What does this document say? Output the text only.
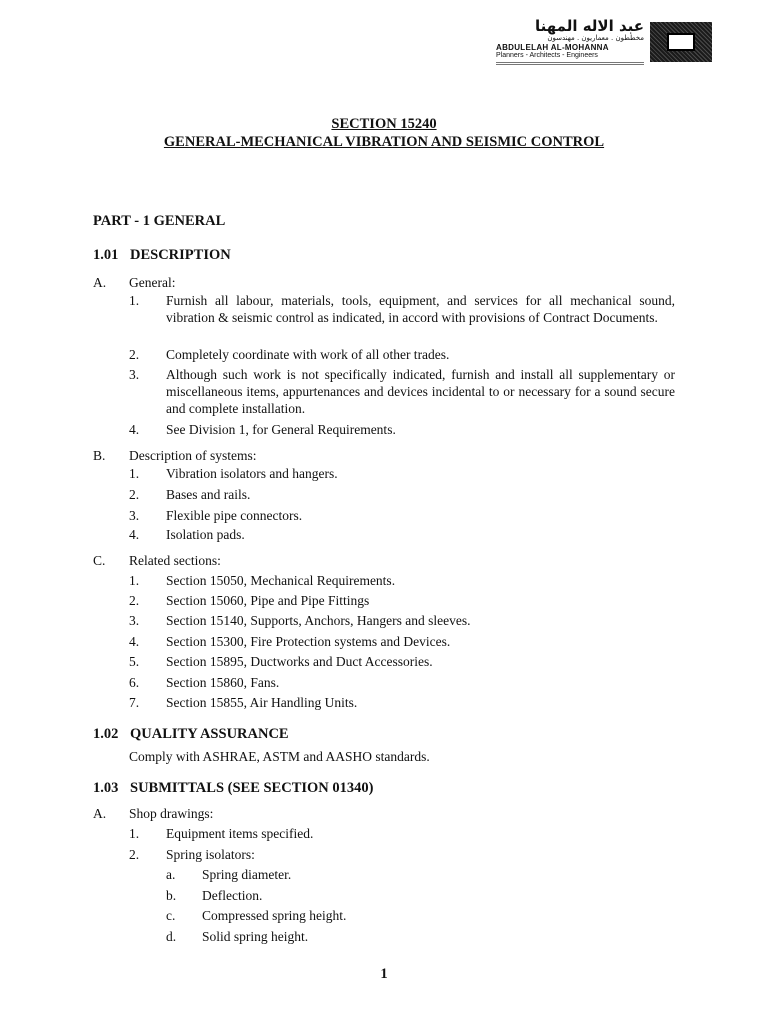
عبد الاله المهنا
مخططون . معماريون . مهندسون
ABDULELAH AL-MOHANNA
Planners - Architects - Engineers
SECTION 15240
GENERAL-MECHANICAL VIBRATION AND SEISMIC CONTROL
PART - 1 GENERAL
1.01 DESCRIPTION
A. General:
1. Furnish all labour, materials, tools, equipment, and services for all mechanical sound, vibration & seismic control as indicated, in accord with provisions of Contract Documents.
2. Completely coordinate with work of all other trades.
3. Although such work is not specifically indicated, furnish and install all supplementary or miscellaneous items, appurtenances and devices incidental to or necessary for a sound secure and complete installation.
4. See Division 1, for General Requirements.
B. Description of systems:
1. Vibration isolators and hangers.
2. Bases and rails.
3. Flexible pipe connectors.
4. Isolation pads.
C. Related sections:
1. Section 15050, Mechanical Requirements.
2. Section 15060, Pipe and Pipe Fittings
3. Section 15140, Supports, Anchors, Hangers and sleeves.
4. Section 15300, Fire Protection systems and Devices.
5. Section 15895, Ductworks and Duct Accessories.
6. Section 15860, Fans.
7. Section 15855, Air Handling Units.
1.02 QUALITY ASSURANCE
Comply with ASHRAE, ASTM and AASHO standards.
1.03 SUBMITTALS (SEE SECTION 01340)
A. Shop drawings:
1. Equipment items specified.
2. Spring isolators:
a. Spring diameter.
b. Deflection.
c. Compressed spring height.
d. Solid spring height.
1
